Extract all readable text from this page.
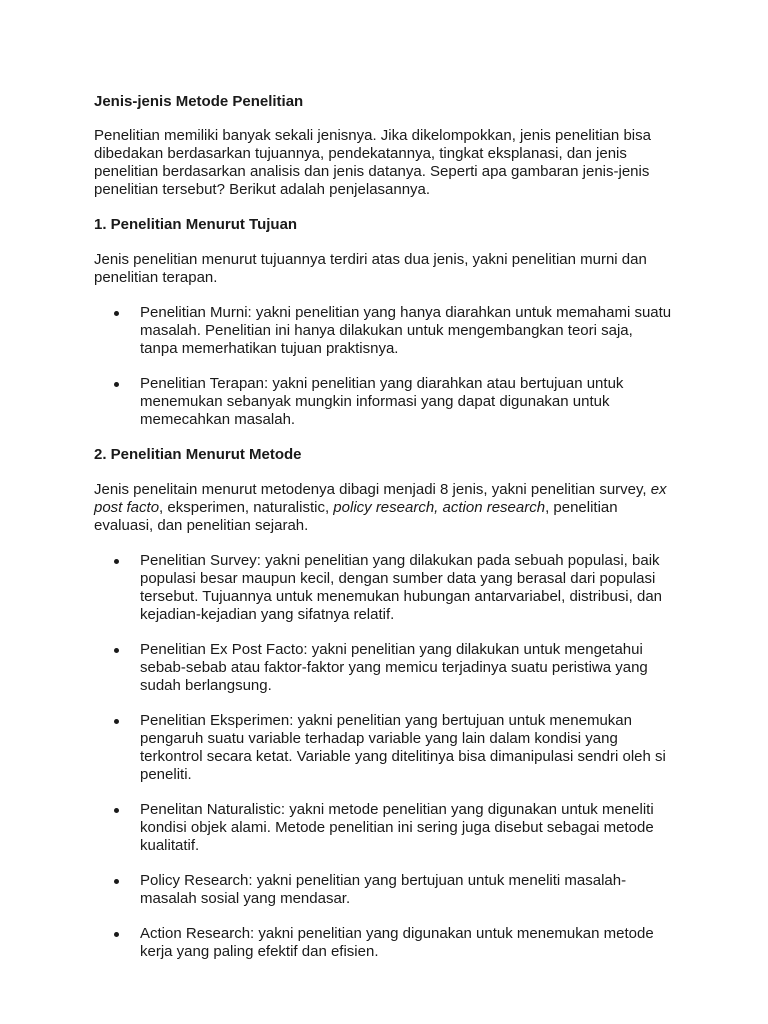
Jenis-jenis Metode Penelitian

Penelitian memiliki banyak sekali jenisnya. Jika dikelompokkan, jenis penelitian bisa dibedakan berdasarkan tujuannya, pendekatannya, tingkat eksplanasi, dan jenis penelitian berdasarkan analisis dan jenis datanya. Seperti apa gambaran jenis-jenis penelitian tersebut? Berikut adalah penjelasannya.

1. Penelitian Menurut Tujuan

Jenis penelitian menurut tujuannya terdiri atas dua jenis, yakni penelitian murni dan penelitian terapan.

Penelitian Murni: yakni penelitian yang hanya diarahkan untuk memahami suatu masalah. Penelitian ini hanya dilakukan untuk mengembangkan teori saja, tanpa memerhatikan tujuan praktisnya.
Penelitian Terapan: yakni penelitian yang diarahkan atau bertujuan untuk menemukan sebanyak mungkin informasi yang dapat digunakan untuk memecahkan masalah.
2. Penelitian Menurut Metode

Jenis penelitain menurut metodenya dibagi menjadi 8 jenis, yakni penelitian survey, ex post facto, eksperimen, naturalistic, policy research, action research, penelitian evaluasi, dan penelitian sejarah.

Penelitian Survey: yakni penelitian yang dilakukan pada sebuah populasi, baik populasi besar maupun kecil, dengan sumber data yang berasal dari populasi tersebut. Tujuannya untuk menemukan hubungan antarvariabel, distribusi, dan kejadian-kejadian yang sifatnya relatif.
Penelitian Ex Post Facto: yakni penelitian yang dilakukan untuk mengetahui sebab-sebab atau faktor-faktor yang memicu terjadinya suatu peristiwa yang sudah berlangsung.
Penelitian Eksperimen: yakni penelitian yang bertujuan untuk menemukan pengaruh suatu variable terhadap variable yang lain dalam kondisi yang terkontrol secara ketat. Variable yang ditelitinya bisa dimanipulasi sendri oleh si peneliti.
Penelitan Naturalistic: yakni metode penelitian yang digunakan untuk meneliti kondisi objek alami. Metode penelitian ini sering juga disebut sebagai metode kualitatif.
Policy Research: yakni penelitian yang bertujuan untuk meneliti masalah-masalah sosial yang mendasar.
Action Research: yakni penelitian yang digunakan untuk menemukan metode kerja yang paling efektif dan efisien.
